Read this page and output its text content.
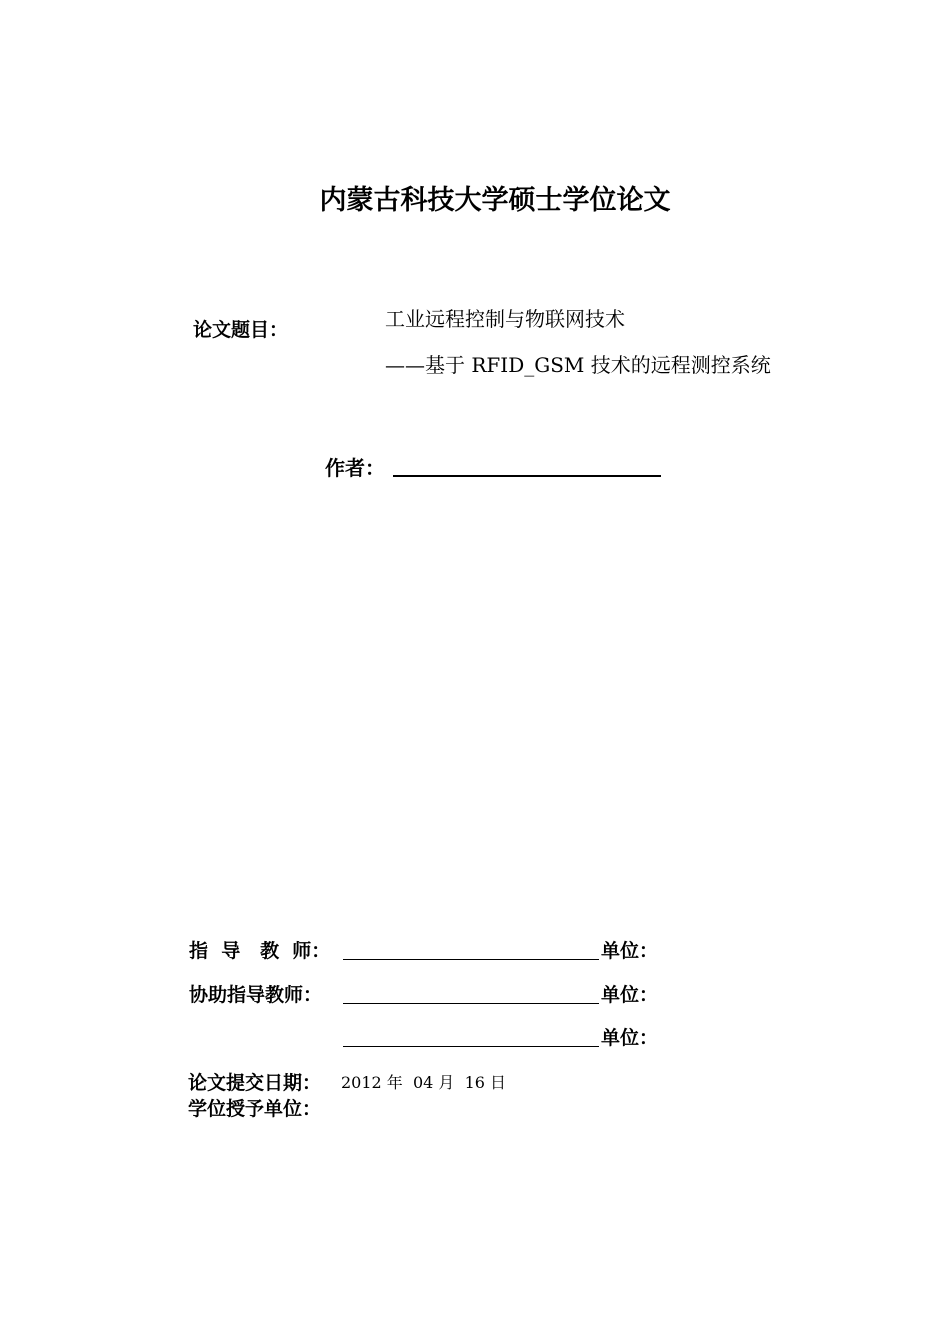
内蒙古科技大学硕士学位论文
论文题目：	工业远程控制与物联网技术
——基于 RFID_GSM 技术的远程测控系统
作者：
指  导   教  师：	单位：
协助指导教师：	单位：
单位：
论文提交日期： 2012 年  04 月  16 日
学位授予单位：
